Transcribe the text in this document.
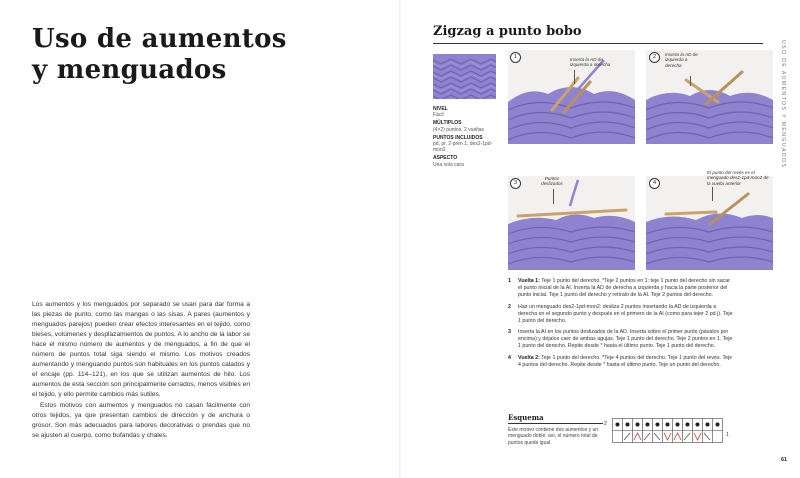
Uso de aumentos
y menguados

Los aumentos y los menguados por separado se usan para dar forma a las piezas de punto, como las mangas o las sisas. A pares (aumentos y menguados parejos) pueden crear efectos interesantes en el tejido, como bieses, volúmenes y desplazamientos de puntos. A lo ancho de la labor se hace el mismo número de aumentos y de menguados, a fin de que el número de puntos total siga siendo el mismo. Los motivos creados aumentando y menguando puntos son habituales en los puntos calados y el encaje (pp. 114–121), en los que se utilizan aumentos de hilo. Los aumentos de esta sección son principalmente cerrados, menos visibles en el tejido, y ello permite cambios más sutiles.

Estos motivos con aumentos y menguados no casan fácilmente con otros tejidos, ya que presentan cambios de dirección y de anchura o grosor. Son más adecuados para labores decorativas o prendas que no se ajusten al cuerpo, como bufandas y chales.

Zigzag a punto bobo
NIVEL
Fácil
MÚLTIPLOS
(4×2) puntos, 2 vueltas
PUNTOS INCLUIDOS
pd, pr, 2-pren 1, des2-1pd-mon2
ASPECTO
Una sola cara
1	Inserta la AD de izquierda a derecha
2	Inserta la AD de izquierda a derecha
3
Puntos deslizados	4
El punto del revés es el menguado des2-1pd-mon2 de la vuelta anterior
1 Vuelta 1: Teje 1 punto del derecho. *Teje 2 puntos en 1: teje 1 punto del derecho sin sacar el punto inicial de la AI. Inserta la AD de derecha a izquierda y hacia la parte posterior del punto inicial. Teje 1 punto del derecho y retíralo de la AI. Teje 2 puntos del derecho.
2 Haz un menguado des2-1pd-mon2: desliza 2 puntos insertando la AD de izquierda a derecha en el segundo punto y después en el primero de la AI (como para tejer 2 pd j). Teje 1 punto del derecho.
3 Inserta la AI en los puntos deslizados de la AD. Inserta sobre el primer punto (pásalos por encima) y déjalos caer de ambas agujas. Teje 1 punto del derecho. Teje 2 puntos en 1. Teje 1 punto del derecho. Repite desde * hasta el último punto. Teje 1 punto del derecho.
4 Vuelta 2: Teje 1 punto del derecho. *Teje 4 puntos del derecho. Teje 1 punto del revés. Teje 4 puntos del derecho. Repite desde * hasta el último punto. Teje un punto del derecho.
Esquema
Este motivo contiene dos aumentos y un menguado doble; así, el número total de puntos queda igual.
2
1
USO DE AUMENTOS Y MENGUADOS
61
